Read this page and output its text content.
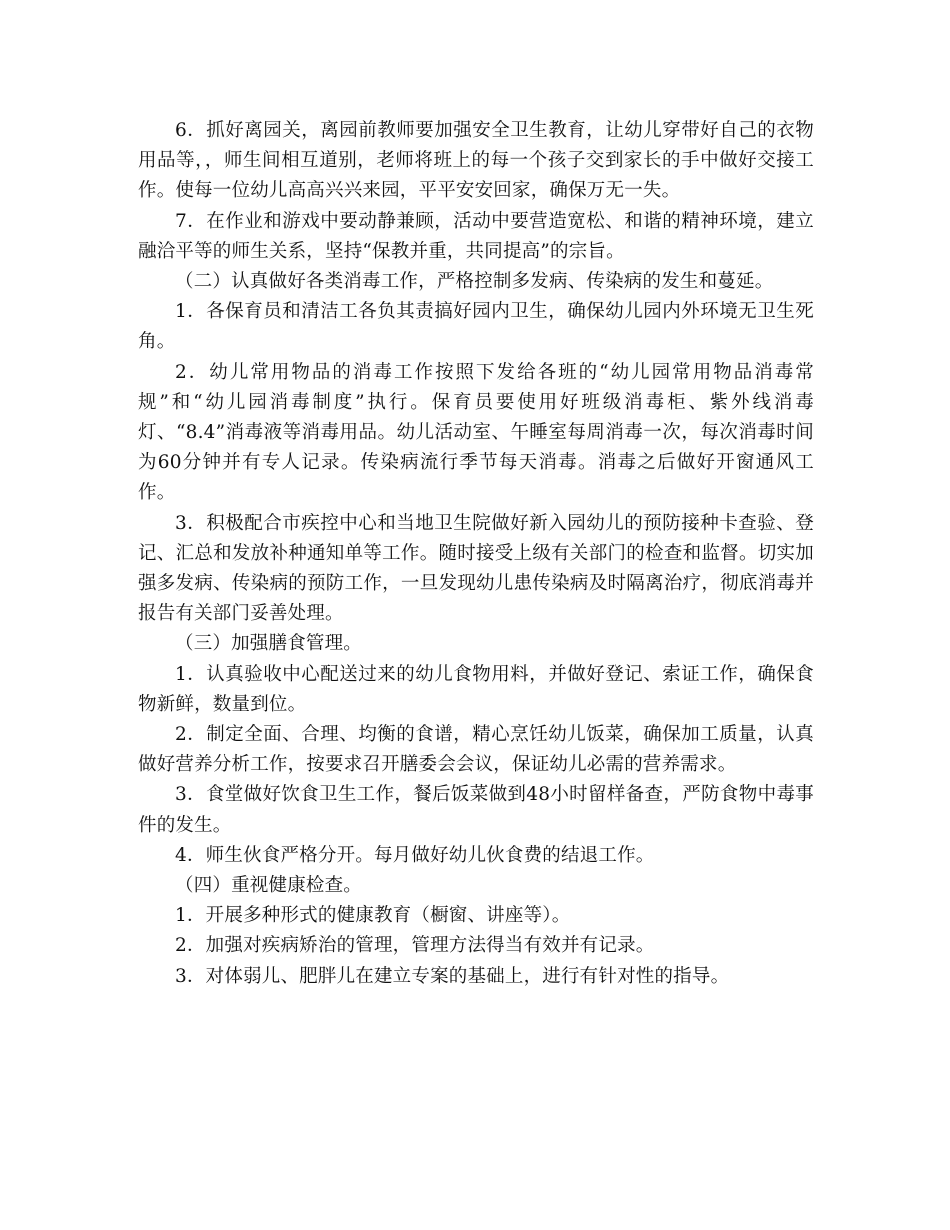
6．抓好离园关，离园前教师要加强安全卫生教育，让幼儿穿带好自己的衣物用品等，，师生间相互道别，老师将班上的每一个孩子交到家长的手中做好交接工作。使每一位幼儿高高兴兴来园，平平安安回家，确保万无一失。

7．在作业和游戏中要动静兼顾，活动中要营造宽松、和谐的精神环境，建立融洽平等的师生关系，坚持“保教并重，共同提高”的宗旨。

（二）认真做好各类消毒工作，严格控制多发病、传染病的发生和蔓延。

1．各保育员和清洁工各负其责搞好园内卫生，确保幼儿园内外环境无卫生死角。

2．幼儿常用物品的消毒工作按照下发给各班的“幼儿园常用物品消毒常规”和“幼儿园消毒制度”执行。保育员要使用好班级消毒柜、紫外线消毒灯、“8.4”消毒液等消毒用品。幼儿活动室、午睡室每周消毒一次，每次消毒时间为60分钟并有专人记录。传染病流行季节每天消毒。消毒之后做好开窗通风工作。

3．积极配合市疾控中心和当地卫生院做好新入园幼儿的预防接种卡查验、登记、汇总和发放补种通知单等工作。随时接受上级有关部门的检查和监督。切实加强多发病、传染病的预防工作，一旦发现幼儿患传染病及时隔离治疗，彻底消毒并报告有关部门妥善处理。

（三）加强膳食管理。

1．认真验收中心配送过来的幼儿食物用料，并做好登记、索证工作，确保食物新鲜，数量到位。

2．制定全面、合理、均衡的食谱，精心烹饪幼儿饭菜，确保加工质量，认真做好营养分析工作，按要求召开膳委会会议，保证幼儿必需的营养需求。

3．食堂做好饮食卫生工作，餐后饭菜做到48小时留样备查，严防食物中毒事件的发生。

4．师生伙食严格分开。每月做好幼儿伙食费的结退工作。

（四）重视健康检查。

1．开展多种形式的健康教育（橱窗、讲座等）。

2．加强对疾病矫治的管理，管理方法得当有效并有记录。

3．对体弱儿、肥胖儿在建立专案的基础上，进行有针对性的指导。
